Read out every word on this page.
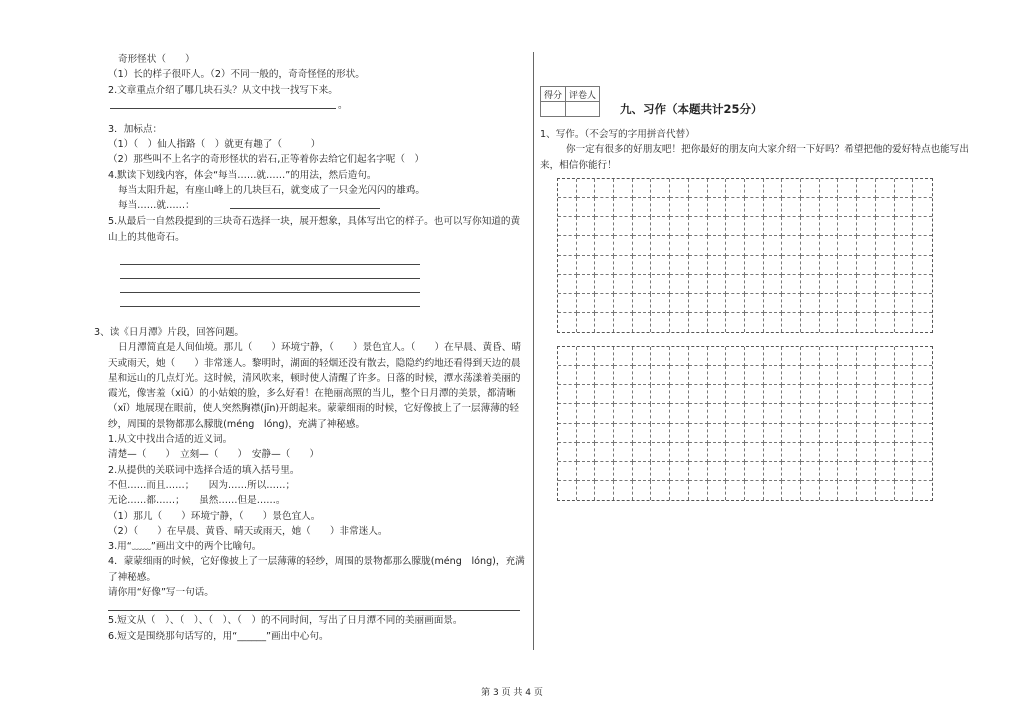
奇形怪状（　　）
（1）长的样子很吓人。（2）不同一般的，奇奇怪怪的形状。
2.文章重点介绍了哪几块石头？从文中找一找写下来。
。
3．加标点：
（1）（　）仙人指路（　）就更有趣了（　　　）
（2）那些叫不上名字的奇形怪状的岩石,正等着你去给它们起名字呢（　）
4.默读下划线内容，体会“每当……就……”的用法，然后造句。
每当太阳升起，有座山峰上的几块巨石，就变成了一只金光闪闪的雄鸡。
每当……就……：
5.从最后一自然段提到的三块奇石选择一块，展开想象，具体写出它的样子。也可以写你知道的黄山上的其他奇石。
3、读《日月潭》片段，回答问题。
日月潭简直是人间仙境。那儿（　　）环境宁静，（　　）景色宜人。（　　）在早晨、黄昏、晴天或雨天，她（　　）非常迷人。黎明时，湖面的轻烟还没有散去，隐隐约约地还看得到天边的晨星和远山的几点灯光。这时候，清风吹来，顿时使人清醒了许多。日落的时候，潭水荡漾着美丽的霞光，像害羞（xiū）的小姑娘的脸，多么好看！在艳丽高照的当儿，整个日月潭的美景，都清晰（xī）地展现在眼前，使人突然胸襟(jīn)开朗起来。蒙蒙细雨的时候，它好像披上了一层薄薄的轻纱，周围的景物都那么朦胧(méng　lóng)，充满了神秘感。
1.从文中找出合适的近义词。
清楚—（　　）　立刻—（　　）　安静—（　　）
2.从提供的关联词中选择合适的填入括号里。
不但……而且……；　　因为……所以……；
无论……都……；　　虽然……但是……。
（1）那儿（　　）环境宁静，（　　）景色宜人。
（2）（　　）在早晨、黄昏、晴天或雨天，她（　　）非常迷人。
3.用“﹏﹏”画出文中的两个比喻句。
4．蒙蒙细雨的时候，它好像披上了一层薄薄的轻纱，周围的景物都那么朦胧(méng　lóng)，充满了神秘感。
请你用“好像”写一句话。
5.短文从（　）、（　）、（　）、（　）的不同时间，写出了日月潭不同的美丽画面景。
6.短文是围绕那句话写的，用“______”画出中心句。
得分	评卷人

九、习作（本题共计25分）
1、写作。（不会写的字用拼音代替）
你一定有很多的好朋友吧！把你最好的朋友向大家介绍一下好吗？希望把他的爱好特点也能写出来，相信你能行！
第 3 页 共 4 页
